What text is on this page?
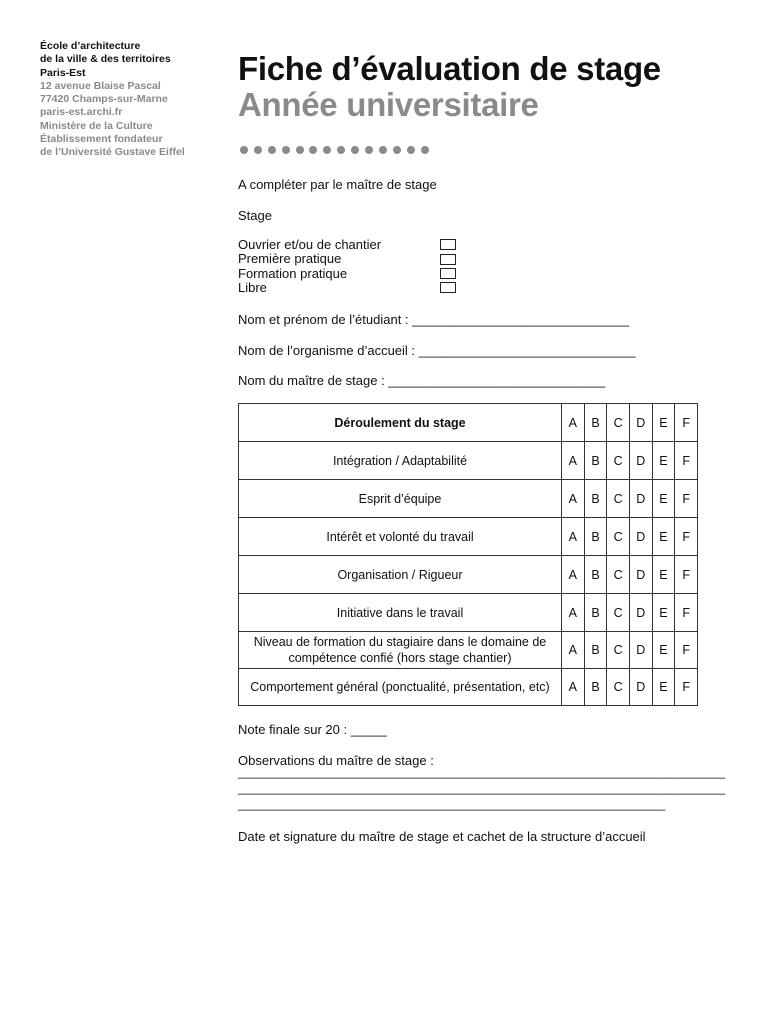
École d’architecture
de la ville & des territoires
Paris-Est
12 avenue Blaise Pascal
77420 Champs-sur-Marne
paris-est.archi.fr
Ministère de la Culture
Établissement fondateur
de l’Université Gustave Eiffel
Fiche d’évaluation de stage
Année universitaire
A compléter par le maître de stage
Stage
Ouvrier et/ou de chantier
Première pratique
Formation pratique
Libre
Nom et prénom de l’étudiant : ______________________________
Nom de l’organisme d’accueil : ______________________________
Nom du maître de stage : ______________________________
Déroulement du stage	A	B	C	D	E	F
Intégration / Adaptabilité	A	B	C	D	E	F
Esprit d’équipe	A	B	C	D	E	F
Intérêt et volonté du travail	A	B	C	D	E	F
Organisation / Rigueur	A	B	C	D	E	F
Initiative dans le travail	A	B	C	D	E	F
Niveau de formation du stagiaire dans le domaine de compétence confié (hors stage chantier)	A	B	C	D	E	F
Comportement général (ponctualité, présentation, etc)	A	B	C	D	E	F
Note finale sur 20 : _____
Observations du maître de stage :
_________________________________________________________________________
_________________________________________________________________________
________________________________________________________________
Date et signature du maître de stage et cachet de la structure d’accueil
